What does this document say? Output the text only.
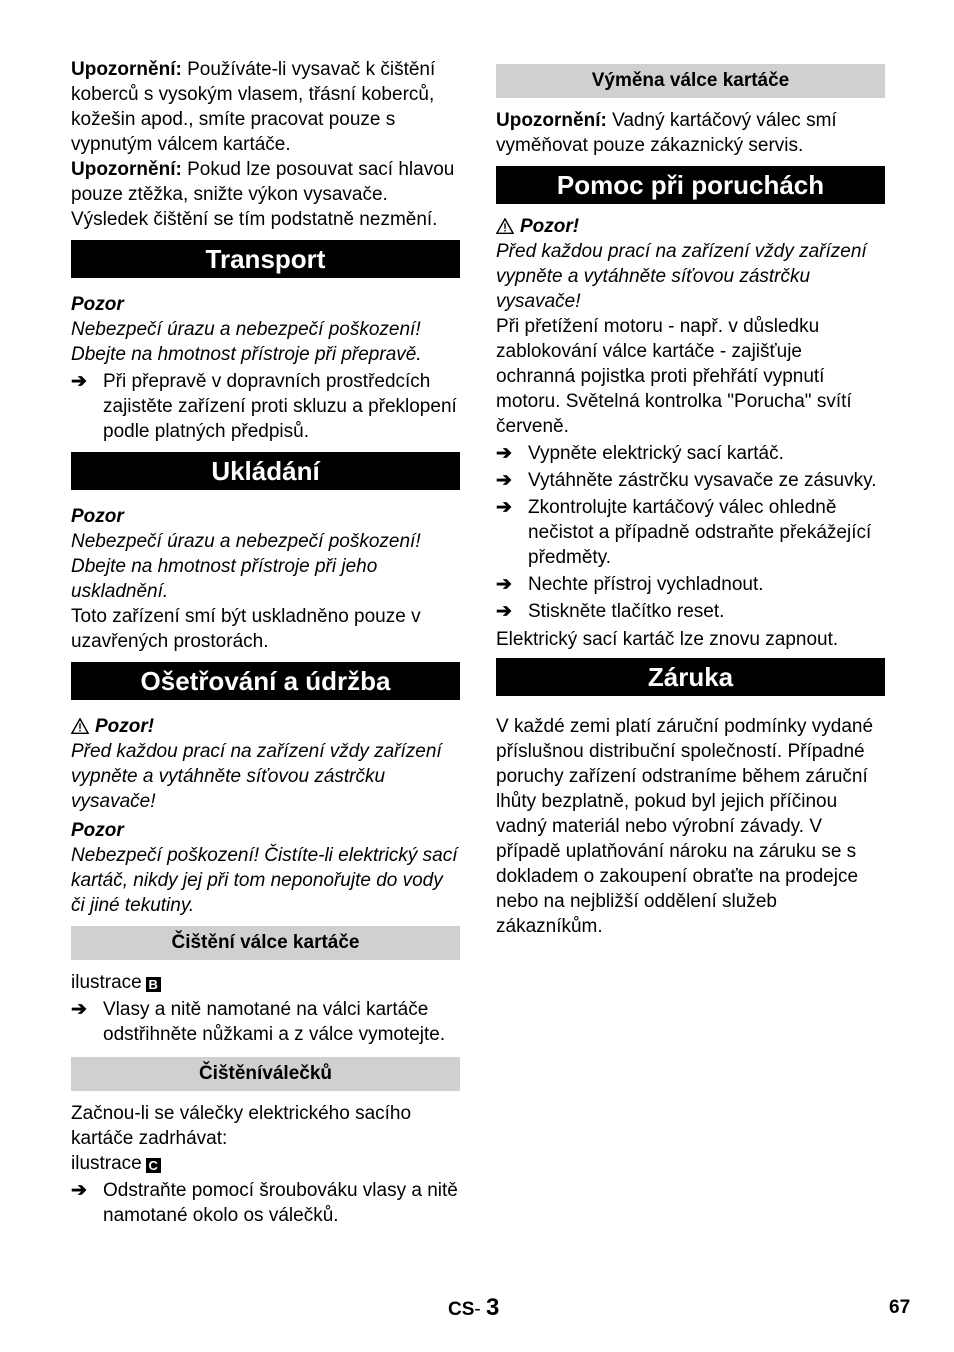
Upozornění: Používáte-li vysavač k čištění koberců s vysokým vlasem, třásní koberců, kožešin apod., smíte pracovat pouze s vypnutým válcem kartáče.

Upozornění: Pokud lze posouvat sací hlavou pouze ztěžka, snižte výkon vysavače. Výsledek čištění se tím podstatně nezmění.

Transport

Pozor

Nebezpečí úrazu a nebezpečí poškození! Dbejte na hmotnost přístroje při přepravě.

➔ Při přepravě v dopravních prostředcích zajistěte zařízení proti skluzu a překlopení podle platných předpisů.
Ukládání

Pozor

Nebezpečí úrazu a nebezpečí poškození! Dbejte na hmotnost přístroje při jeho uskladnění.

Toto zařízení smí být uskladněno pouze v uzavřených prostorách.

Ošetřování a údržba
Pozor!

Před každou prací na zařízení vždy zařízení vypněte a vytáhněte síťovou zástrčku vysavače!

Pozor

Nebezpečí poškození! Čistíte-li elektrický sací kartáč, nikdy jej při tom neponořujte do vody či jiné tekutiny.

Čištění válce kartáče

ilustrace B

➔ Vlasy a nitě namotané na válci kartáče odstřihněte nůžkami a z válce vymotejte.
Čištěníválečků

Začnou-li se válečky elektrického sacího kartáče zadrhávat:

ilustrace C

➔ Odstraňte pomocí šroubováku vlasy a nitě namotané okolo os válečků.
Výměna válce kartáče

Upozornění: Vadný kartáčový válec smí vyměňovat pouze zákaznický servis.

Pomoc při poruchách
Pozor!

Před každou prací na zařízení vždy zařízení vypněte a vytáhněte síťovou zástrčku vysavače!

Při přetížení motoru - např. v důsledku zablokování válce kartáče - zajišťuje ochranná pojistka proti přehřátí vypnutí motoru. Světelná kontrolka "Porucha" svítí červeně.

➔ Vypněte elektrický sací kartáč.
➔ Vytáhněte zástrčku vysavače ze zásuvky.
➔ Zkontrolujte kartáčový válec ohledně nečistot a případně odstraňte překážející předměty.
➔ Nechte přístroj vychladnout.
➔ Stiskněte tlačítko reset.

Elektrický sací kartáč lze znovu zapnout.

Záruka

V každé zemi platí záruční podmínky vydané příslušnou distribuční společností. Případné poruchy zařízení odstraníme během záruční lhůty bezplatně, pokud byl jejich příčinou vadný materiál nebo výrobní závady. V případě uplatňování nároku na záruku se s dokladem o zakoupení obraťte na prodejce nebo na nejbližší oddělení služeb zákazníkům.

CS- 3	67
